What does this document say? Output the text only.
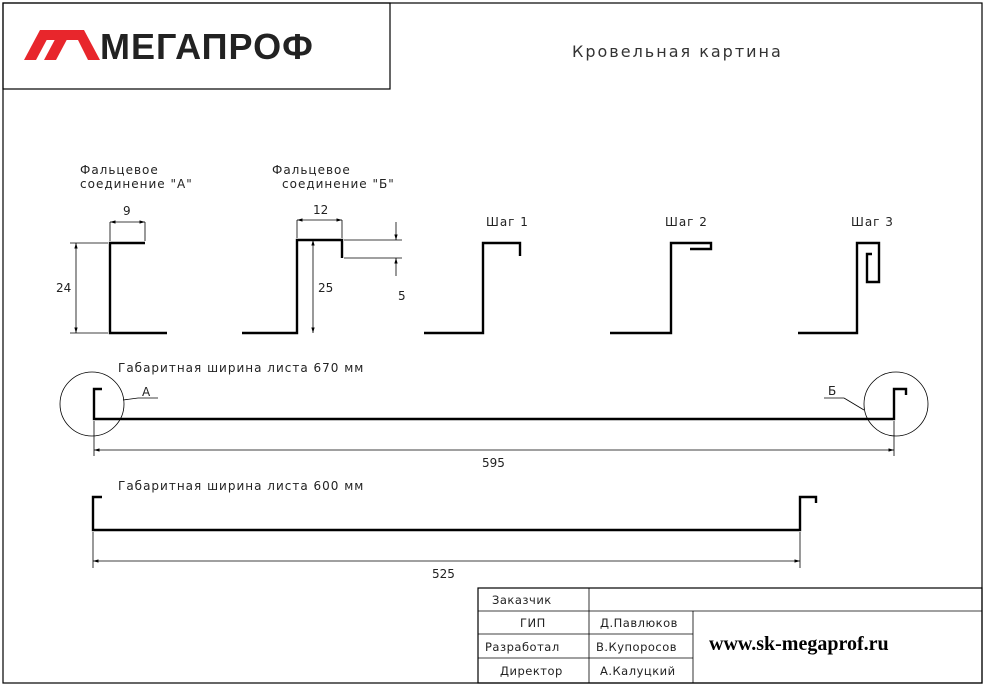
МЕГАПРОФ	Кровельная картина
Фальцевое
соединение "А"
9
24
Фальцевое
соединение "Б"
12
25
5
Шаг 1	Шаг 2	Шаг 3
Габаритная ширина листа 670 мм
А	Б
595
Габаритная ширина листа 600 мм
525
Заказчик
ГИП	Д.Павлюков
Разработал	В.Купоросов
Директор	А.Калуцкий
www.sk-megaprof.ru
